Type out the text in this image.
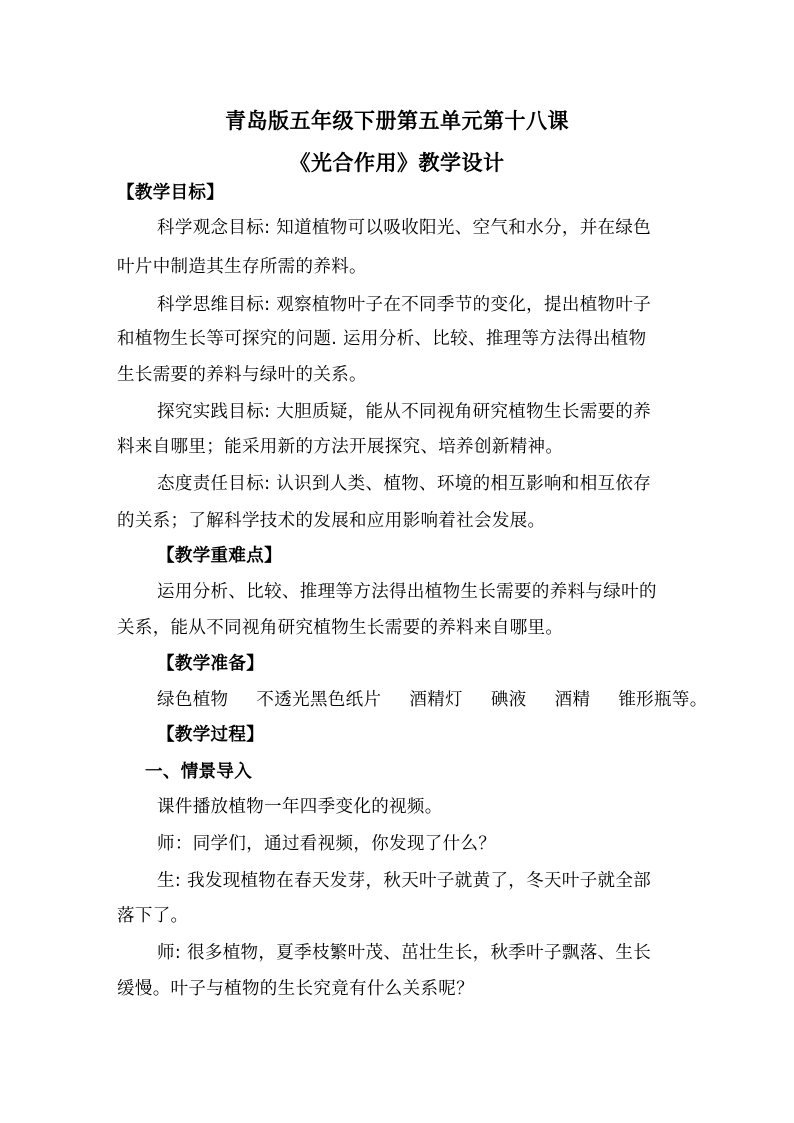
青岛版五年级下册第五单元第十八课
《光合作用》教学设计
【教学目标】
科学观念目标: 知道植物可以吸收阳光、空气和水分，并在绿色
叶片中制造其生存所需的养料。
科学思维目标: 观察植物叶子在不同季节的变化，提出植物叶子
和植物生长等可探究的问题. 运用分析、比较、推理等方法得出植物
生长需要的养料与绿叶的关系。
探究实践目标: 大胆质疑，能从不同视角研究植物生长需要的养
料来自哪里；能采用新的方法开展探究、培养创新精神。
态度责任目标: 认识到人类、植物、环境的相互影响和相互依存
的关系；了解科学技术的发展和应用影响着社会发展。
【教学重难点】
运用分析、比较、推理等方法得出植物生长需要的养料与绿叶的
关系，能从不同视角研究植物生长需要的养料来自哪里。
【教学准备】
绿色植物 不透光黑色纸片 酒精灯 碘液 酒精 锥形瓶等。
【教学过程】
一、情景导入
课件播放植物一年四季变化的视频。
师：同学们，通过看视频，你发现了什么？
生: 我发现植物在春天发芽，秋天叶子就黄了，冬天叶子就全部
落下了。
师: 很多植物，夏季枝繁叶茂、茁壮生长，秋季叶子飘落、生长
缓慢。叶子与植物的生长究竟有什么关系呢？
